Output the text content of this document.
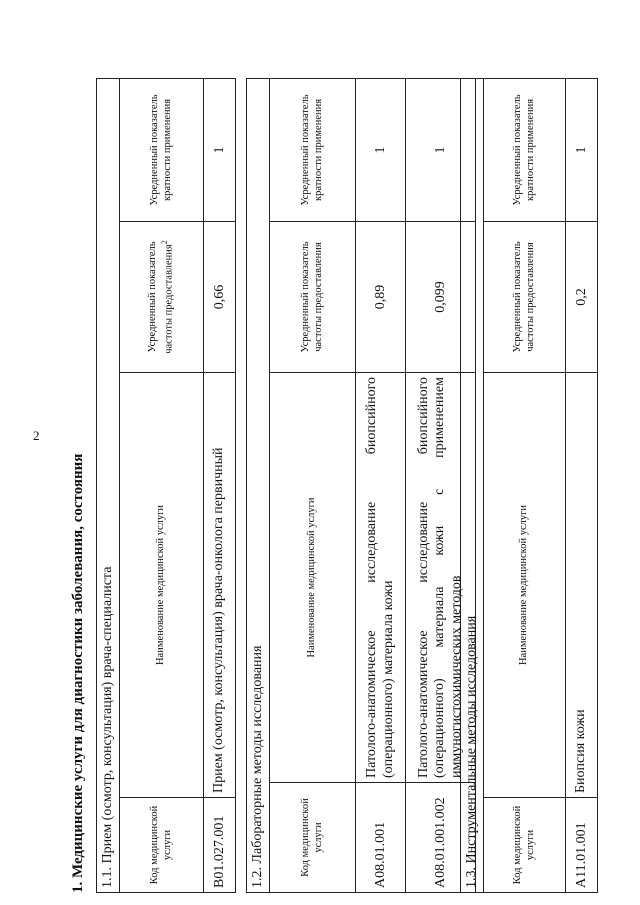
2
1. Медицинские услуги для диагностики заболевания, состояния	1.1. Прием (осмотр, консультация) врача-специалиста			
Код медицинской услуги	Наименование медицинской услуги	Усредненный показатель частоты предоставления$^2$	Усредненный показатель кратности применения
B01.027.001	Прием (осмотр, консультация) врача-онколога первичный	0,66	1
1.2. Лабораторные методы исследования			
Код медицинской услуги	Наименование медицинской услуги	Усредненный показатель частоты предоставления	Усредненный показатель кратности применения
A08.01.001	Патолого-анатомическое исследование биопсийного (операционного) материала кожи	0,89	1
A08.01.001.002	Патолого-анатомическое исследование биопсийного (операционного) материала кожи с применением иммуногистохимических методов	0,099	1
1.3. Инструментальные методы исследования			
Код медицинской услуги	Наименование медицинской услуги	Усредненный показатель частоты предоставления	Усредненный показатель кратности применения
A11.01.001	Биопсия кожи	0,2	1
